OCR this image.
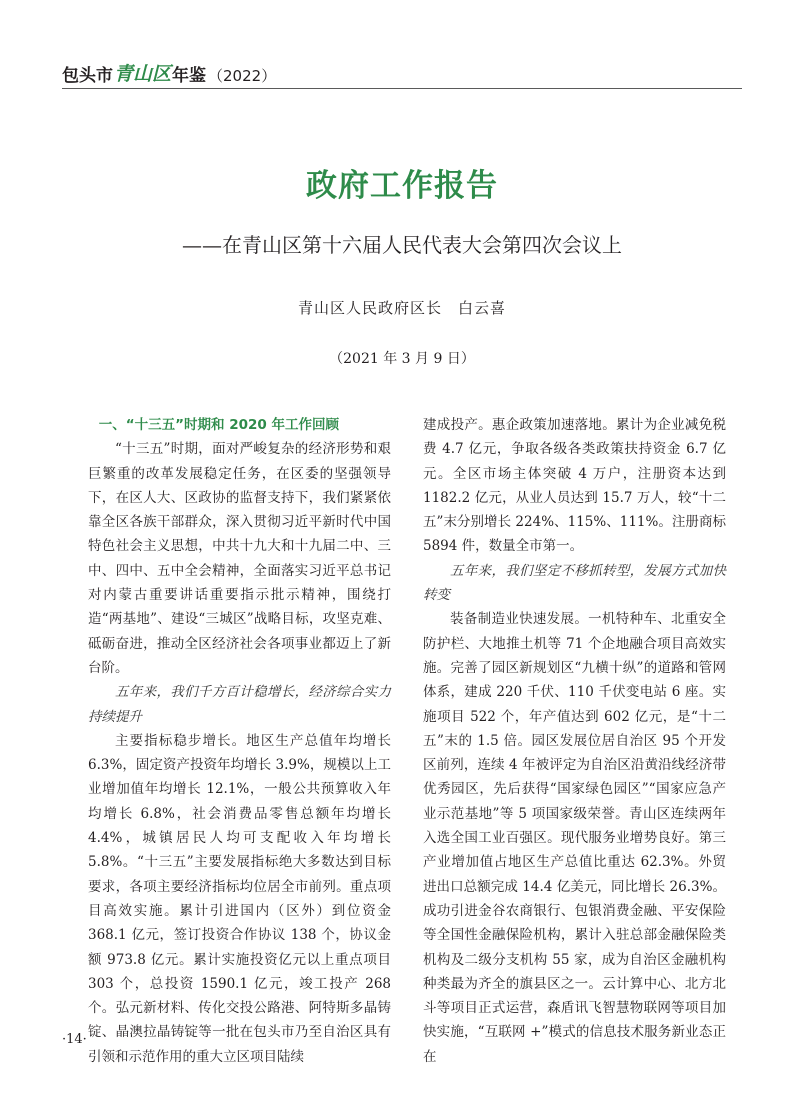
包头市 青山区 年鉴 （2022）
政府工作报告
——在青山区第十六届人民代表大会第四次会议上
青山区人民政府区长　白云喜
（2021 年 3 月 9 日）

一、“十三五”时期和 2020 年工作回顾

“十三五”时期，面对严峻复杂的经济形势和艰巨繁重的改革发展稳定任务，在区委的坚强领导下，在区人大、区政协的监督支持下，我们紧紧依靠全区各族干部群众，深入贯彻习近平新时代中国特色社会主义思想，中共十九大和十九届二中、三中、四中、五中全会精神，全面落实习近平总书记对内蒙古重要讲话重要指示批示精神，围绕打造“两基地”、建设“三城区”战略目标，攻坚克难、砥砺奋进，推动全区经济社会各项事业都迈上了新台阶。

五年来，我们千方百计稳增长，经济综合实力持续提升

主要指标稳步增长。地区生产总值年均增长 6.3%，固定资产投资年均增长 3.9%，规模以上工业增加值年均增长 12.1%，一般公共预算收入年均增长 6.8%，社会消费品零售总额年均增长 4.4%，城镇居民人均可支配收入年均增长 5.8%。“十三五”主要发展指标绝大多数达到目标要求，各项主要经济指标均位居全市前列。重点项目高效实施。累计引进国内（区外）到位资金 368.1 亿元，签订投资合作协议 138 个，协议金额 973.8 亿元。累计实施投资亿元以上重点项目 303 个，总投资 1590.1 亿元，竣工投产 268 个。弘元新材料、传化交投公路港、阿特斯多晶铸锭、晶澳拉晶铸锭等一批在包头市乃至自治区具有引领和示范作用的重大立区项目陆续

建成投产。惠企政策加速落地。累计为企业减免税费 4.7 亿元，争取各级各类政策扶持资金 6.7 亿元。全区市场主体突破 4 万户，注册资本达到 1182.2 亿元，从业人员达到 15.7 万人，较“十二五”末分别增长 224%、115%、111%。注册商标 5894 件，数量全市第一。

五年来，我们坚定不移抓转型，发展方式加快转变

装备制造业快速发展。一机特种车、北重安全防护栏、大地推土机等 71 个企地融合项目高效实施。完善了园区新规划区“九横十纵”的道路和管网体系，建成 220 千伏、110 千伏变电站 6 座。实施项目 522 个，年产值达到 602 亿元，是“十二五”末的 1.5 倍。园区发展位居自治区 95 个开发区前列，连续 4 年被评定为自治区沿黄沿线经济带优秀园区，先后获得“国家绿色园区”“国家应急产业示范基地”等 5 项国家级荣誉。青山区连续两年入选全国工业百强区。现代服务业增势良好。第三产业增加值占地区生产总值比重达 62.3%。外贸进出口总额完成 14.4 亿美元，同比增长 26.3%。成功引进金谷农商银行、包银消费金融、平安保险等全国性金融保险机构，累计入驻总部金融保险类机构及二级分支机构 55 家，成为自治区金融机构种类最为齐全的旗县区之一。云计算中心、北方北斗等项目正式运营，森盾讯飞智慧物联网等项目加快实施，“互联网 +”模式的信息技术服务新业态正在

·14·
